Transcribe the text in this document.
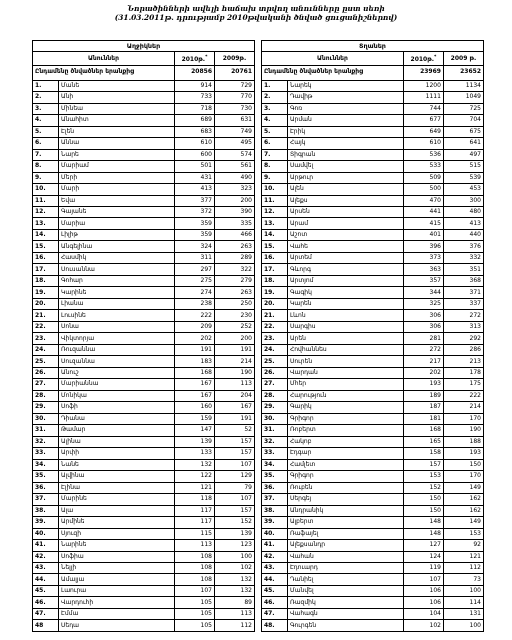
Նորածինների ավելի հաճախ տրվող անունները ըստ սեռի
(31.03.2011թ. դրությամբ 2010թվականի ծնված ցուցանիշներով)
Աղջիկներ			
Անուններ		2010թ.*	2009թ.
Ընդամենը ծնվածներ երանքից		20856	20761
1.	Մանե	914	729
2.	Անի	733	770
3.	Մինեա	718	730
4.	Անահիտ	689	631
5.	Էլեն	683	749
6.	Աննա	610	495
7.	Նարե	600	574
8.	Մարիամ	501	561
9.	Մերի	431	490
10.	Մարի	413	323
11.	Եվա	377	200
12.	Գայանե	372	390
13.	Մարիա	359	335
14.	Լիլիթ	359	466
15.	Անգելինա	324	263
16.	Հասմիկ	311	289
17.	Սուսաննա	297	322
18.	Գոհար	275	279
19.	Կարինե	274	263
20.	Լիանա	238	250
21.	Լուսինե	222	230
22.	Սոնա	209	252
23.	Վիկտորյա	202	200
24.	Ռուզաննա	191	191
25.	Սուզաննա	183	214
26.	Անուշ	168	190
27.	Մարիաննա	167	113
28.	Մոնիկա	167	204
29.	Սոֆի	160	167
30.	Դիանա	159	191
31.	Թամար	147	52
32.	Ալինա	139	157
33.	Արփի	133	157
34.	Նանե	132	107
35.	Ալվինա	122	129
36.	Էլինա	121	79
37.	Մարինե	118	107
38.	Ալա	117	157
39.	Արմինե	117	152
40.	Սյուզի	115	139
41.	Նարինե	113	123
42.	Սոֆիա	108	100
43.	Նելլի	108	102
44.	Ամալյա	108	132
45.	Լաուրա	107	132
46.	Վարդուհի	105	89
47.	Էմմա	105	113
48	Սեդա	105	112
Տղաներ			
Անուններ		2010թ.*	2009 թ.
Ընդամենը ծնվածներ երանքից		23969	23652
1.	Նարեկ	1200	1134
2.	Դավիթ	1111	1049
3.	Գոռ	744	725
4.	Արման	677	704
5.	Էրիկ	649	675
6.	Հայկ	610	641
7.	Տիգրան	536	497
8.	Սամվել	533	515
9.	Արթուր	509	539
10.	Ալեն	500	453
11.	Ալեքս	470	300
12.	Արսեն	441	480
13.	Արամ	415	413
14.	Աշոտ	401	440
15.	Վահե	396	376
16.	Արտեմ	373	332
17.	Գևորգ	363	351
18.	Արտյոմ	357	368
19.	Գագիկ	344	371
20.	Կարեն	325	337
21.	Լևոն	306	272
22.	Սարգիս	306	313
23.	Արեն	281	292
24.	Հովհաննես	272	286
25.	Սուրեն	217	213
26.	Վարդան	202	178
27.	Մհեր	193	175
28.	Հարություն	189	222
29.	Գարիկ	187	214
30.	Գրիգոր	181	170
31.	Ռոբերտ	168	190
32.	Հակոբ	165	188
33.	Էդգար	158	193
34.	Համլետ	157	150
35.	Գրիգոր	153	170
36.	Ռուբեն	152	149
37.	Սերգեյ	150	162
38.	Անդրանիկ	150	162
39.	Ալբերտ	148	149
40.	Ռաֆայել	148	153
41.	Ալեքսանդր	127	92
42.	Վահան	124	121
43.	Էդուարդ	119	112
44.	Դանիել	107	73
45.	Մանվել	106	100
46.	Ռազմիկ	106	114
47.	Վահագն	104	131
48.	Գուրգեն	102	100
